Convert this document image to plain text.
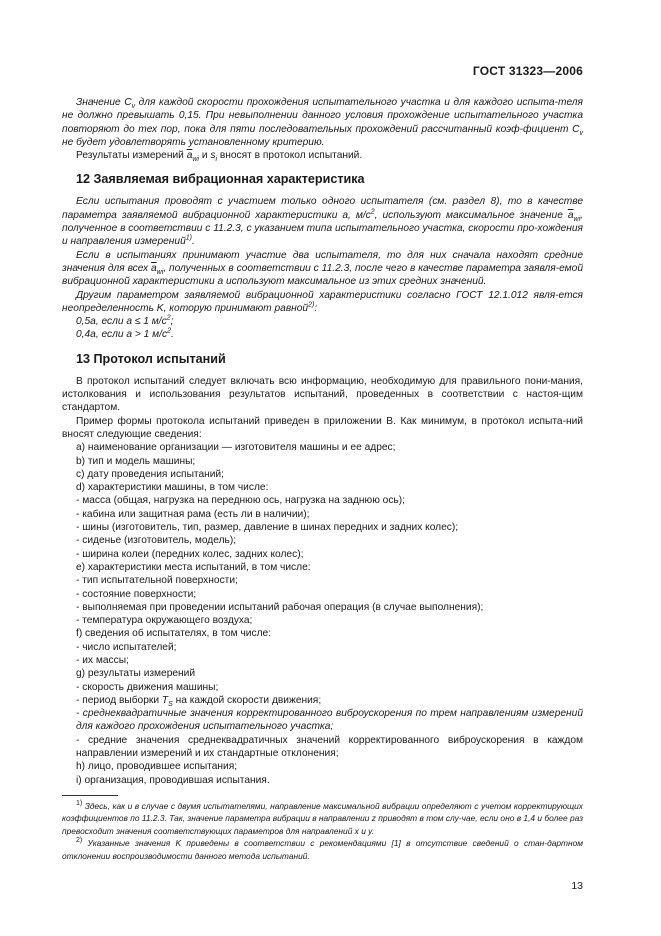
ГОСТ 31323—2006

Значение $C_v$ для каждой скорости прохождения испытательного участка и для каждого испыта-теля не должно превышать 0,15. При невыполнении данного условия прохождение испытательного участка повторяют до тех пор, пока для пяти последовательных прохождений рассчитанный коэф-фициент $C_v$ не будет удовлетворять установленному критерию.

Результаты измерений $\overline{a}_{wi}$ и $s_i$ вносят в протокол испытаний.

12 Заявляемая вибрационная характеристика

Если испытания проводят с участием только одного испытателя (см. раздел 8), то в качестве параметра заявляемой вибрационной характеристики a, $м/с^2$, используют максимальное значение $\overline{a}_{wi}$, полученное в соответствии с 11.2.3, с указанием типа испытательного участка, скорости про-хождения и направления измерений$^{1)}$.

Если в испытаниях принимают участие два испытателя, то для них сначала находят средние значения для всех $\overline{a}_{wi}$, полученных в соответствии с 11.2.3, после чего в качестве параметра заявля-емой вибрационной характеристики a используют максимальное из этих средних значений.

Другим параметром заявляемой вибрационной характеристики согласно ГОСТ 12.1.012 явля-ется неопределенность K, которую принимают равной$^{2)}$:

0,5a, если a ≤ 1 $м/с^2$;

0,4a, если a > 1 $м/с^2$.

13 Протокол испытаний

В протокол испытаний следует включать всю информацию, необходимую для правильного пони-мания, истолкования и использования результатов испытаний, проведенных в соответствии с настоя-щим стандартом.

Пример формы протокола испытаний приведен в приложении В. Как минимум, в протокол испыта-ний вносят следующие сведения:

a) наименование организации — изготовителя машины и ее адрес;

b) тип и модель машины;

c) дату проведения испытаний;

d) характеристики машины, в том числе:

- масса (общая, нагрузка на переднюю ось, нагрузка на заднюю ось);

- кабина или защитная рама (есть ли в наличии);

- шины (изготовитель, тип, размер, давление в шинах передних и задних колес);

- сиденье (изготовитель, модель);

- ширина колеи (передних колес, задних колес);

e) характеристики места испытаний, в том числе:

- тип испытательной поверхности;

- состояние поверхности;

- выполняемая при проведении испытаний рабочая операция (в случае выполнения);

- температура окружающего воздуха;

f) сведения об испытателях, в том числе:

- число испытателей;

- их массы;

g) результаты измерений

- скорость движения машины;

- период выборки $T_S$ на каждой скорости движения;

- среднеквадратичные значения корректированного виброускорения по трем направлениям измерений для каждого прохождения испытательного участка;

- средние значения среднеквадратичных значений корректированного виброускорения в каждом направлении измерений и их стандартные отклонения;

h) лицо, проводившее испытания;

i) организация, проводившая испытания.

$^{1)}$ Здесь, как и в случае с двумя испытателями, направление максимальной вибрации определяют с учетом корректирующих коэффициентов по 11.2.3. Так, значение параметра вибрации в направлении z приводят в том слу-чае, если оно в 1,4 и более раз превосходит значения соответствующих параметров для направлений x и y.

$^{2)}$ Указанные значения K приведены в соответствии с рекомендациями [1] в отсутствие сведений о стан-дартном отклонении воспроизводимости данного метода испытаний.

13
